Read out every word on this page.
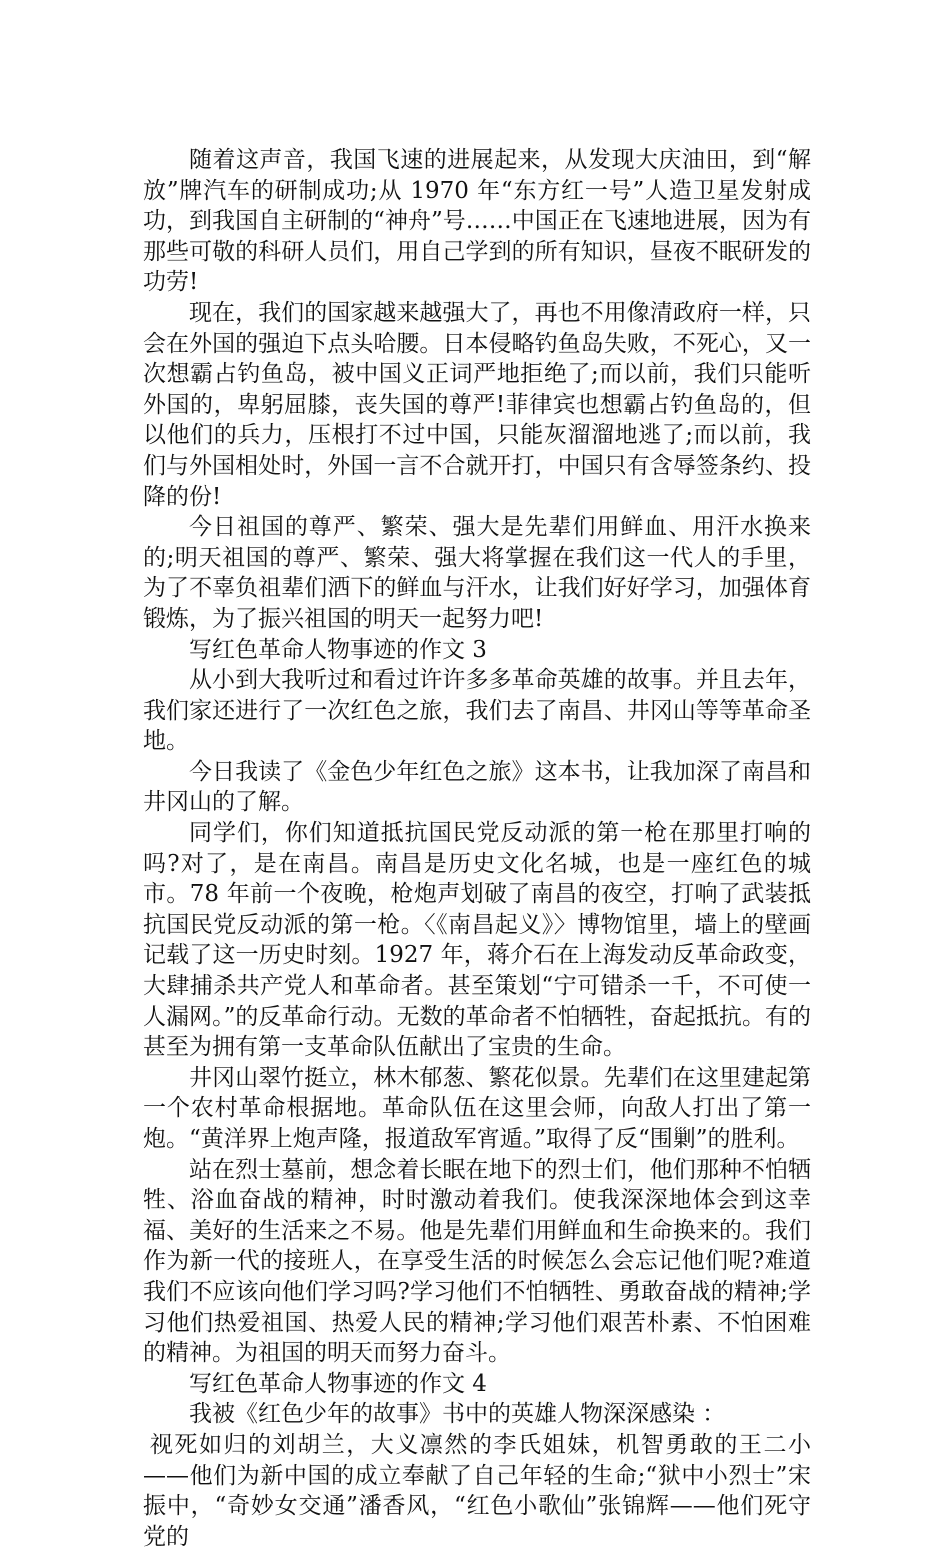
随着这声音，我国飞速的进展起来，从发现大庆油田，到“解放”牌汽车的研制成功;从 1970 年“东方红一号”人造卫星发射成功，到我国自主研制的“神舟”号……中国正在飞速地进展，因为有那些可敬的科研人员们，用自己学到的所有知识，昼夜不眠研发的功劳!

现在，我们的国家越来越强大了，再也不用像清政府一样，只会在外国的强迫下点头哈腰。日本侵略钓鱼岛失败，不死心，又一次想霸占钓鱼岛，被中国义正词严地拒绝了;而以前，我们只能听外国的，卑躬屈膝，丧失国的尊严!菲律宾也想霸占钓鱼岛的，但以他们的兵力，压根打不过中国，只能灰溜溜地逃了;而以前，我们与外国相处时，外国一言不合就开打，中国只有含辱签条约、投降的份!

今日祖国的尊严、繁荣、强大是先辈们用鲜血、用汗水换来的;明天祖国的尊严、繁荣、强大将掌握在我们这一代人的手里，为了不辜负祖辈们洒下的鲜血与汗水，让我们好好学习，加强体育锻炼，为了振兴祖国的明天一起努力吧!

写红色革命人物事迹的作文 3

从小到大我听过和看过许许多多革命英雄的故事。并且去年，我们家还进行了一次红色之旅，我们去了南昌、井冈山等等革命圣地。

今日我读了《金色少年红色之旅》这本书，让我加深了南昌和井冈山的了解。

同学们，你们知道抵抗国民党反动派的第一枪在那里打响的吗?对了，是在南昌。南昌是历史文化名城，也是一座红色的城市。78 年前一个夜晚，枪炮声划破了南昌的夜空，打响了武装抵抗国民党反动派的第一枪。〈《南昌起义》〉博物馆里，墙上的壁画记载了这一历史时刻。1927 年，蒋介石在上海发动反革命政变，大肆捕杀共产党人和革命者。甚至策划“宁可错杀一千，不可使一人漏网。”的反革命行动。无数的革命者不怕牺牲，奋起抵抗。有的甚至为拥有第一支革命队伍献出了宝贵的生命。

井冈山翠竹挺立，林木郁葱、繁花似景。先辈们在这里建起第一个农村革命根据地。革命队伍在这里会师，向敌人打出了第一炮。“黄洋界上炮声隆，报道敌军宵遁。”取得了反“围剿”的胜利。

站在烈士墓前，想念着长眠在地下的烈士们，他们那种不怕牺牲、浴血奋战的精神，时时激动着我们。使我深深地体会到这幸福、美好的生活来之不易。他是先辈们用鲜血和生命换来的。我们作为新一代的接班人，在享受生活的时候怎么会忘记他们呢?难道我们不应该向他们学习吗?学习他们不怕牺牲、勇敢奋战的精神;学习他们热爱祖国、热爱人民的精神;学习他们艰苦朴素、不怕困难的精神。为祖国的明天而努力奋斗。

写红色革命人物事迹的作文 4

我被《红色少年的故事》书中的英雄人物深深感染 ：

视死如归的刘胡兰，大义凛然的李氏姐妹，机智勇敢的王二小——他们为新中国的成立奉献了自己年轻的生命;“狱中小烈士”宋振中，“奇妙女交通”潘香风，“红色小歌仙”张锦辉——他们死守党的
